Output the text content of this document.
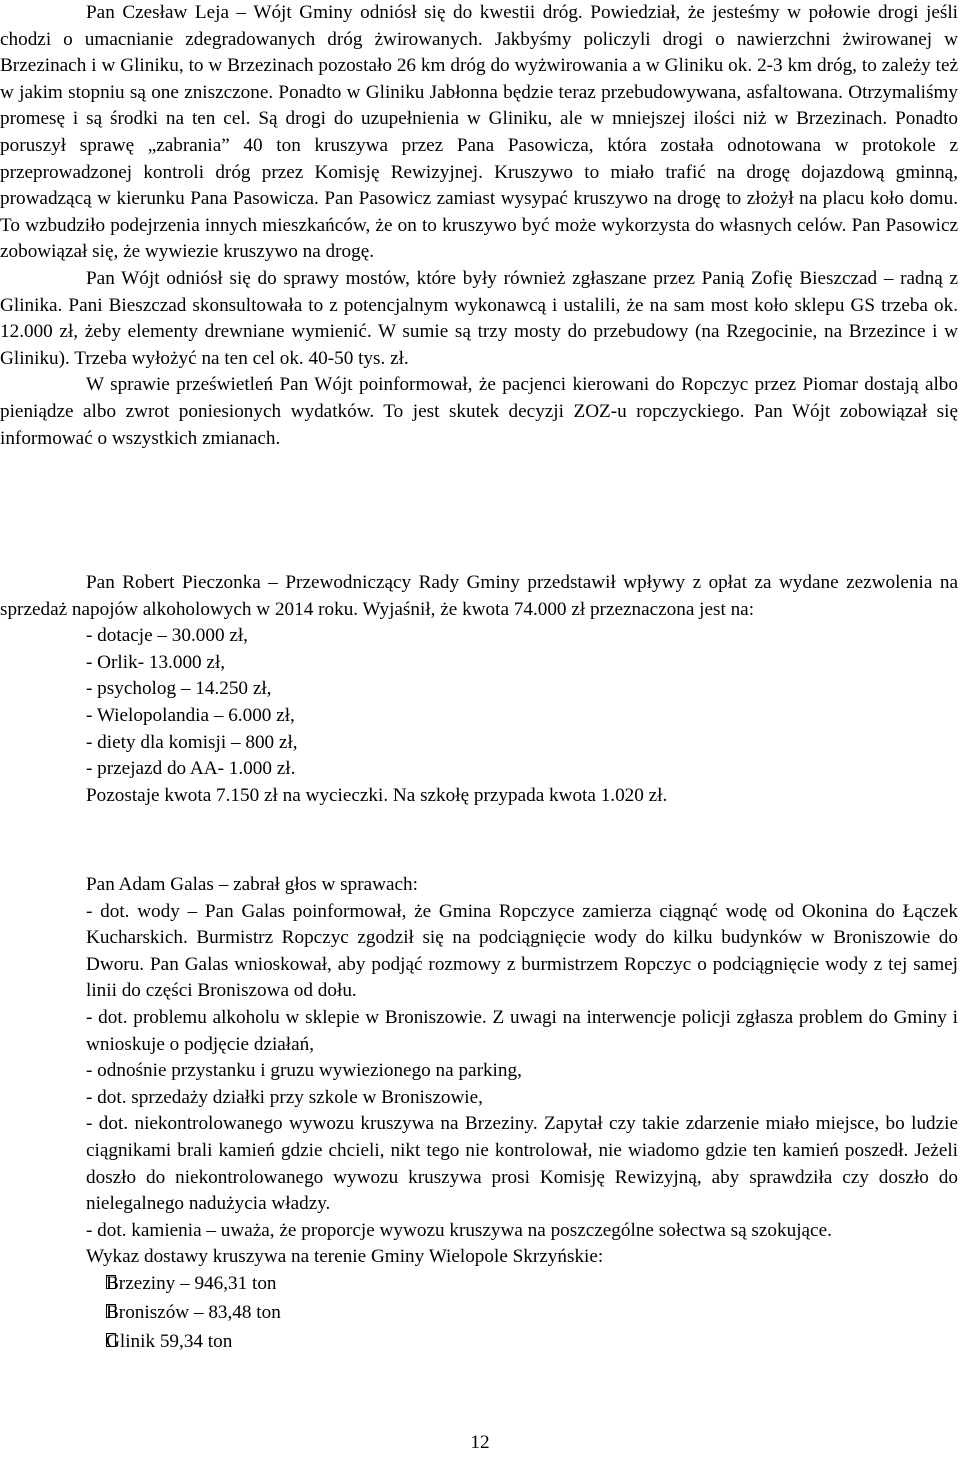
Pan Czesław Leja – Wójt Gminy odniósł się do kwestii dróg. Powiedział, że jesteśmy w połowie drogi jeśli chodzi o umacnianie zdegradowanych dróg żwirowanych. Jakbyśmy policzyli drogi o nawierzchni żwirowanej w Brzezinach i w Gliniku, to w Brzezinach pozostało 26 km dróg do wyżwirowania a w Gliniku ok. 2-3 km dróg, to zależy też w jakim stopniu są one zniszczone. Ponadto w Gliniku Jabłonna będzie teraz przebudowywana, asfaltowana. Otrzymaliśmy promesę i są środki na ten cel. Są drogi do uzupełnienia w Gliniku, ale w mniejszej ilości niż w Brzezinach. Ponadto poruszył sprawę „zabrania” 40 ton kruszywa przez Pana Pasowicza, która została odnotowana w protokole z przeprowadzonej kontroli dróg przez Komisję Rewizyjnej. Kruszywo to miało trafić na drogę dojazdową gminną, prowadzącą w kierunku Pana Pasowicza. Pan Pasowicz zamiast wysypać kruszywo na drogę to złożył na placu koło domu. To wzbudziło podejrzenia innych mieszkańców, że on to kruszywo być może wykorzysta do własnych celów. Pan Pasowicz zobowiązał się, że wywiezie kruszywo na drogę.

Pan Wójt odniósł się do sprawy mostów, które były również zgłaszane przez Panią Zofię Bieszczad – radną z Glinika. Pani Bieszczad skonsultowała to z potencjalnym wykonawcą i ustalili, że na sam most koło sklepu GS trzeba ok. 12.000 zł, żeby elementy drewniane wymienić. W sumie są trzy mosty do przebudowy (na Rzegocinie, na Brzezince i w Gliniku). Trzeba wyłożyć na ten cel ok. 40-50 tys. zł.

W sprawie prześwietleń Pan Wójt poinformował, że pacjenci kierowani do Ropczyc przez Piomar dostają albo pieniądze albo zwrot poniesionych wydatków. To jest skutek decyzji ZOZ-u ropczyckiego. Pan Wójt zobowiązał się informować o wszystkich zmianach.

Pan Robert Pieczonka – Przewodniczący Rady Gminy przedstawił wpływy z opłat za wydane zezwolenia na sprzedaż napojów alkoholowych w 2014 roku. Wyjaśnił, że kwota 74.000 zł przeznaczona jest na:

- dotacje – 30.000 zł,
- Orlik- 13.000 zł,
- psycholog – 14.250 zł,
- Wielopolandia – 6.000 zł,
- diety dla komisji – 800 zł,
- przejazd do AA- 1.000 zł.

Pozostaje kwota 7.150 zł na wycieczki. Na szkołę przypada kwota 1.020 zł.

Pan Adam Galas – zabrał głos w sprawach:

- dot. wody – Pan Galas poinformował, że Gmina Ropczyce zamierza ciągnąć wodę od Okonina do Łączek Kucharskich. Burmistrz Ropczyc zgodził się na podciągnięcie wody do kilku budynków w Broniszowie do Dworu. Pan Galas wnioskował, aby podjąć rozmowy z burmistrzem Ropczyc o podciągnięcie wody z tej samej linii do części Broniszowa od dołu.

- dot. problemu alkoholu w sklepie w Broniszowie. Z uwagi na interwencje policji zgłasza problem do Gminy i wnioskuje o podjęcie działań,

- odnośnie przystanku i gruzu wywiezionego na parking,

- dot. sprzedaży działki przy szkole w Broniszowie,

- dot. niekontrolowanego wywozu kruszywa na Brzeziny. Zapytał czy takie zdarzenie miało miejsce, bo ludzie ciągnikami brali kamień gdzie chcieli, nikt tego nie kontrolował, nie wiadomo gdzie ten kamień poszedł. Jeżeli doszło do niekontrolowanego wywozu kruszywa prosi Komisję Rewizyjną, aby sprawdziła czy doszło do nielegalnego nadużycia władzy.

- dot. kamienia – uważa, że proporcje wywozu kruszywa na poszczególne sołectwa są szokujące.

Wykaz dostawy kruszywa na terenie Gminy Wielopole Skrzyńskie:

Brzeziny – 946,31 ton
Broniszów – 83,48 ton
Glinik 59,34 ton
12
